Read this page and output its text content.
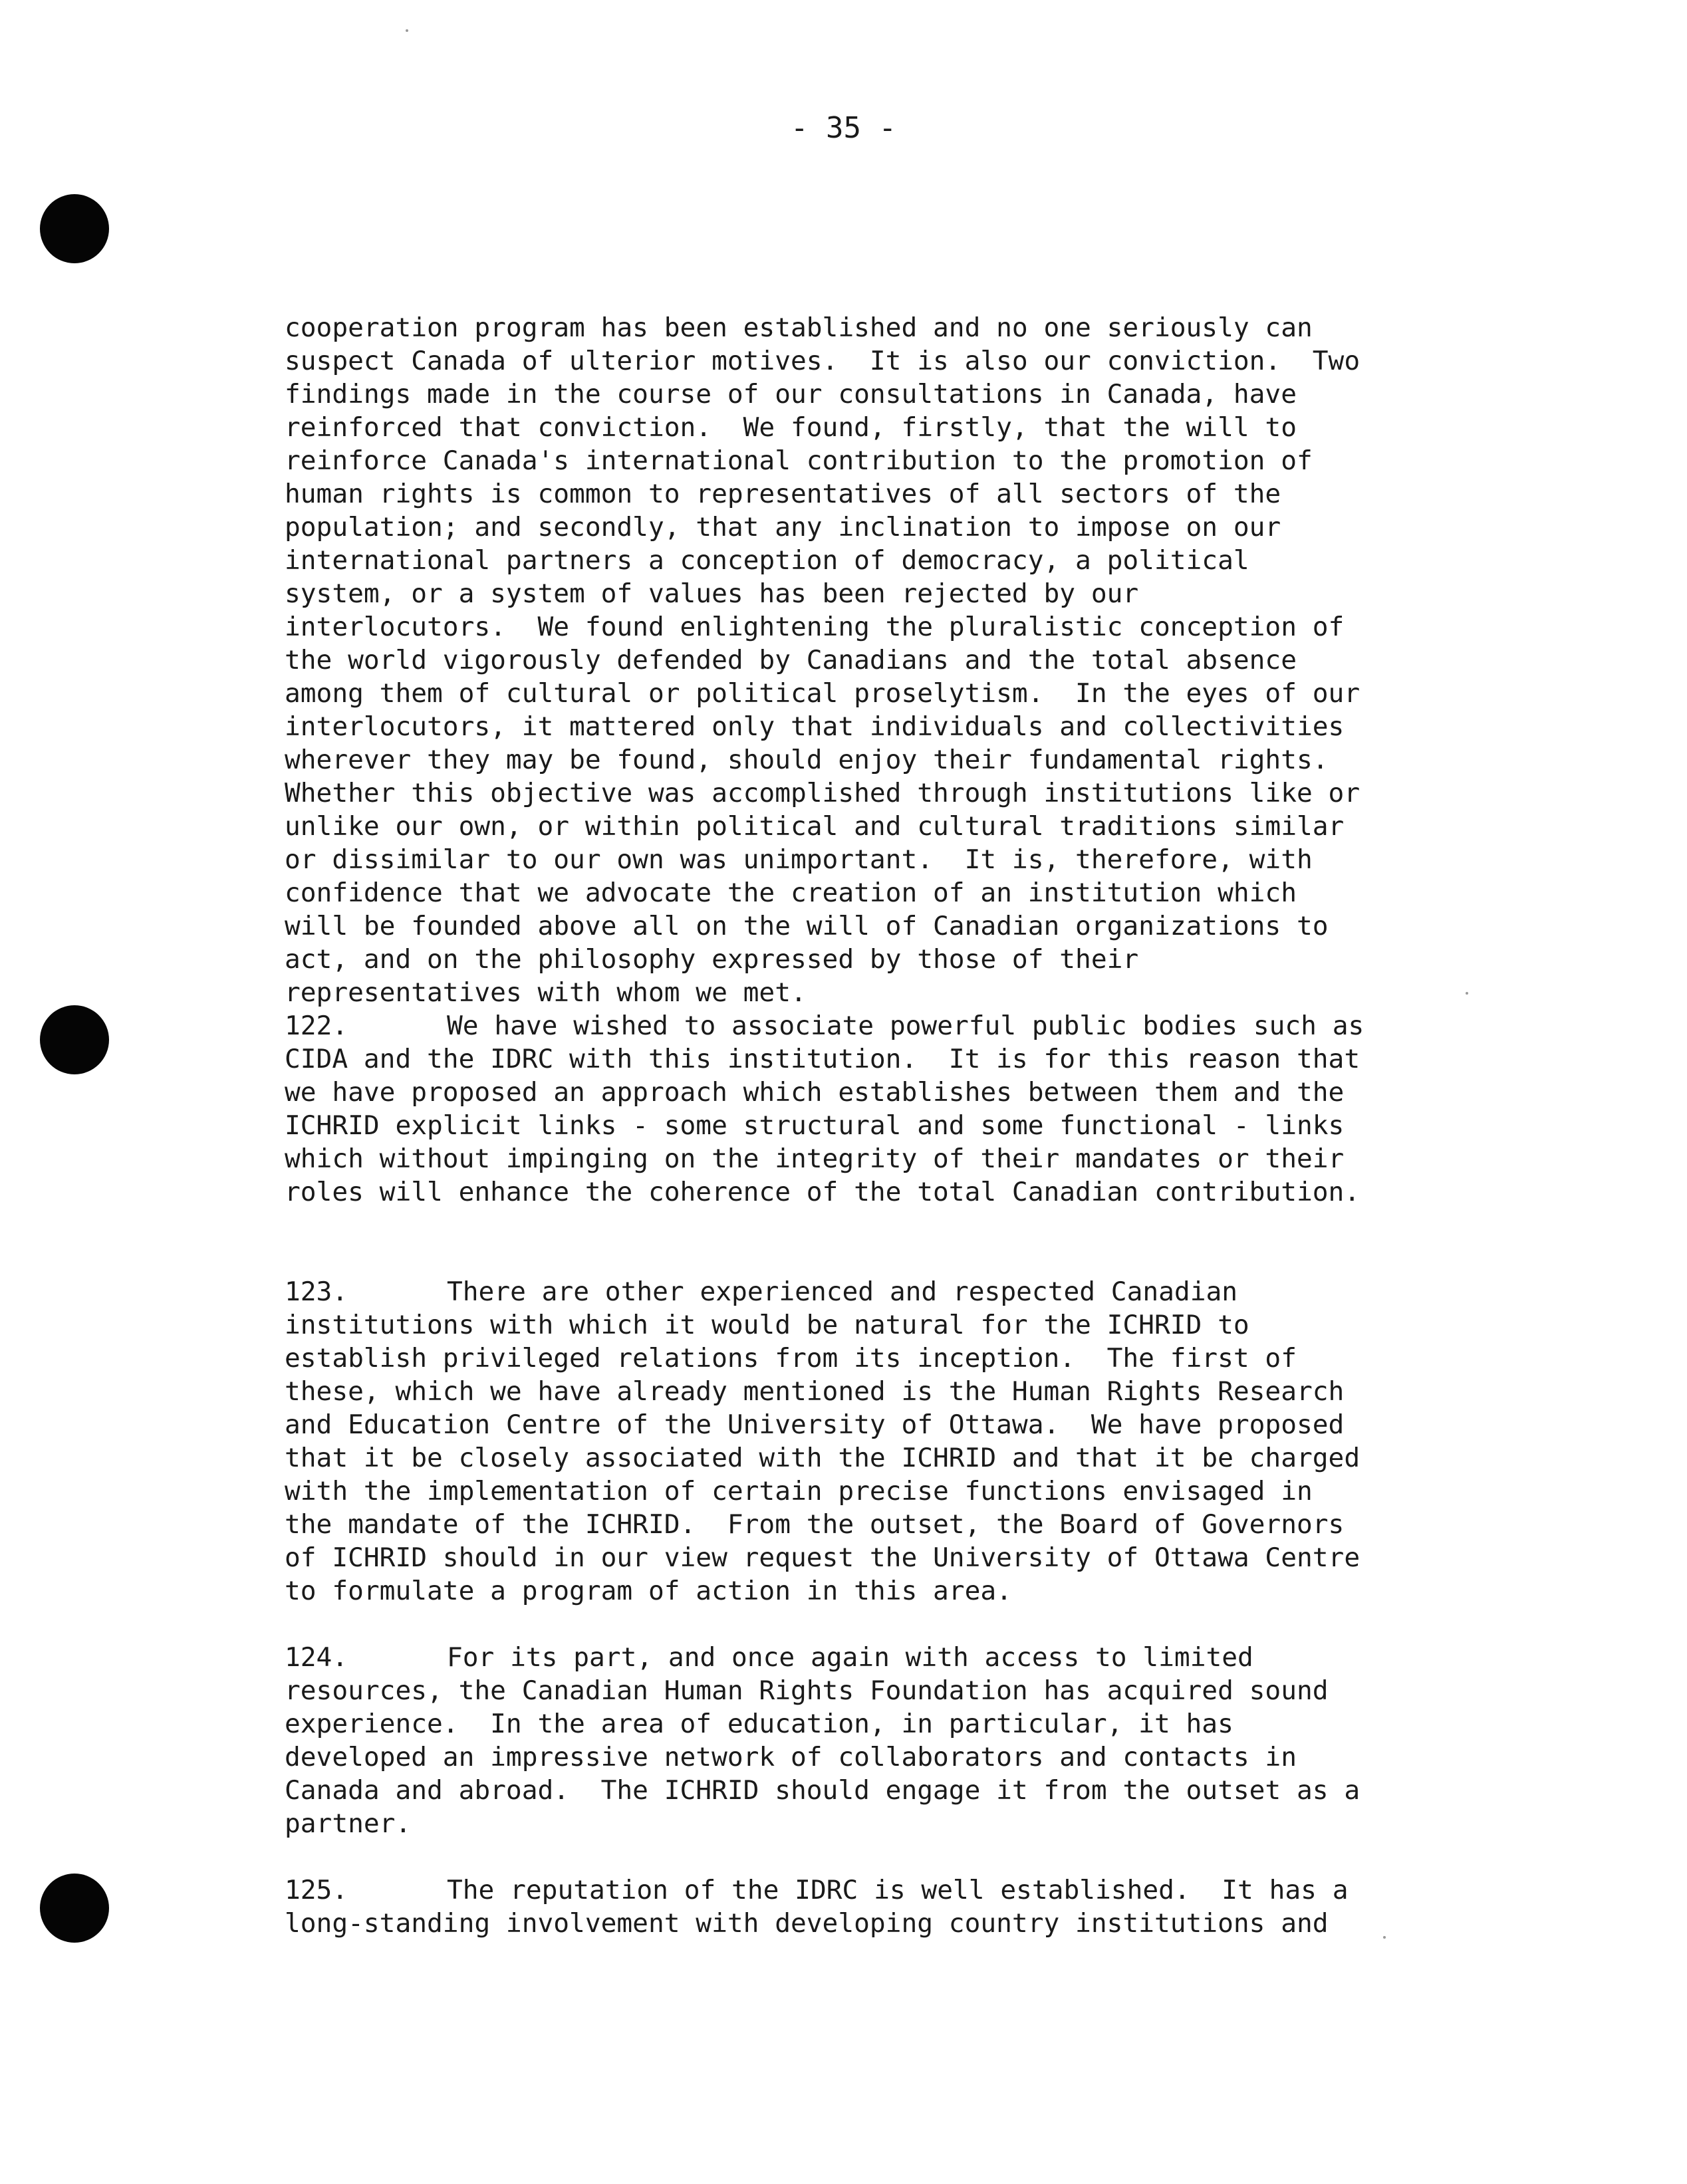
- 35 -
cooperation program has been established and no one seriously can
suspect Canada of ulterior motives.  It is also our conviction.  Two
findings made in the course of our consultations in Canada, have
reinforced that conviction.  We found, firstly, that the will to
reinforce Canada's international contribution to the promotion of
human rights is common to representatives of all sectors of the
population; and secondly, that any inclination to impose on our
international partners a conception of democracy, a political
system, or a system of values has been rejected by our
interlocutors.  We found enlightening the pluralistic conception of
the world vigorously defended by Canadians and the total absence
among them of cultural or political proselytism.  In the eyes of our
interlocutors, it mattered only that individuals and collectivities
wherever they may be found, should enjoy their fundamental rights.
Whether this objective was accomplished through institutions like or
unlike our own, or within political and cultural traditions similar
or dissimilar to our own was unimportant.  It is, therefore, with
confidence that we advocate the creation of an institution which
will be founded above all on the will of Canadian organizations to
act, and on the philosophy expressed by those of their
representatives with whom we met.
122.	We have wished to associate powerful public bodies such as
CIDA and the IDRC with this institution.  It is for this reason that
we have proposed an approach which establishes between them and the
ICHRID explicit links - some structural and some functional - links
which without impinging on the integrity of their mandates or their
roles will enhance the coherence of the total Canadian contribution.
123.	There are other experienced and respected Canadian
institutions with which it would be natural for the ICHRID to
establish privileged relations from its inception.  The first of
these, which we have already mentioned is the Human Rights Research
and Education Centre of the University of Ottawa.  We have proposed
that it be closely associated with the ICHRID and that it be charged
with the implementation of certain precise functions envisaged in
the mandate of the ICHRID.  From the outset, the Board of Governors
of ICHRID should in our view request the University of Ottawa Centre
to formulate a program of action in this area.
124.	For its part, and once again with access to limited
resources, the Canadian Human Rights Foundation has acquired sound
experience.  In the area of education, in particular, it has
developed an impressive network of collaborators and contacts in
Canada and abroad.  The ICHRID should engage it from the outset as a
partner.
125.	The reputation of the IDRC is well established.  It has a
long-standing involvement with developing country institutions and
